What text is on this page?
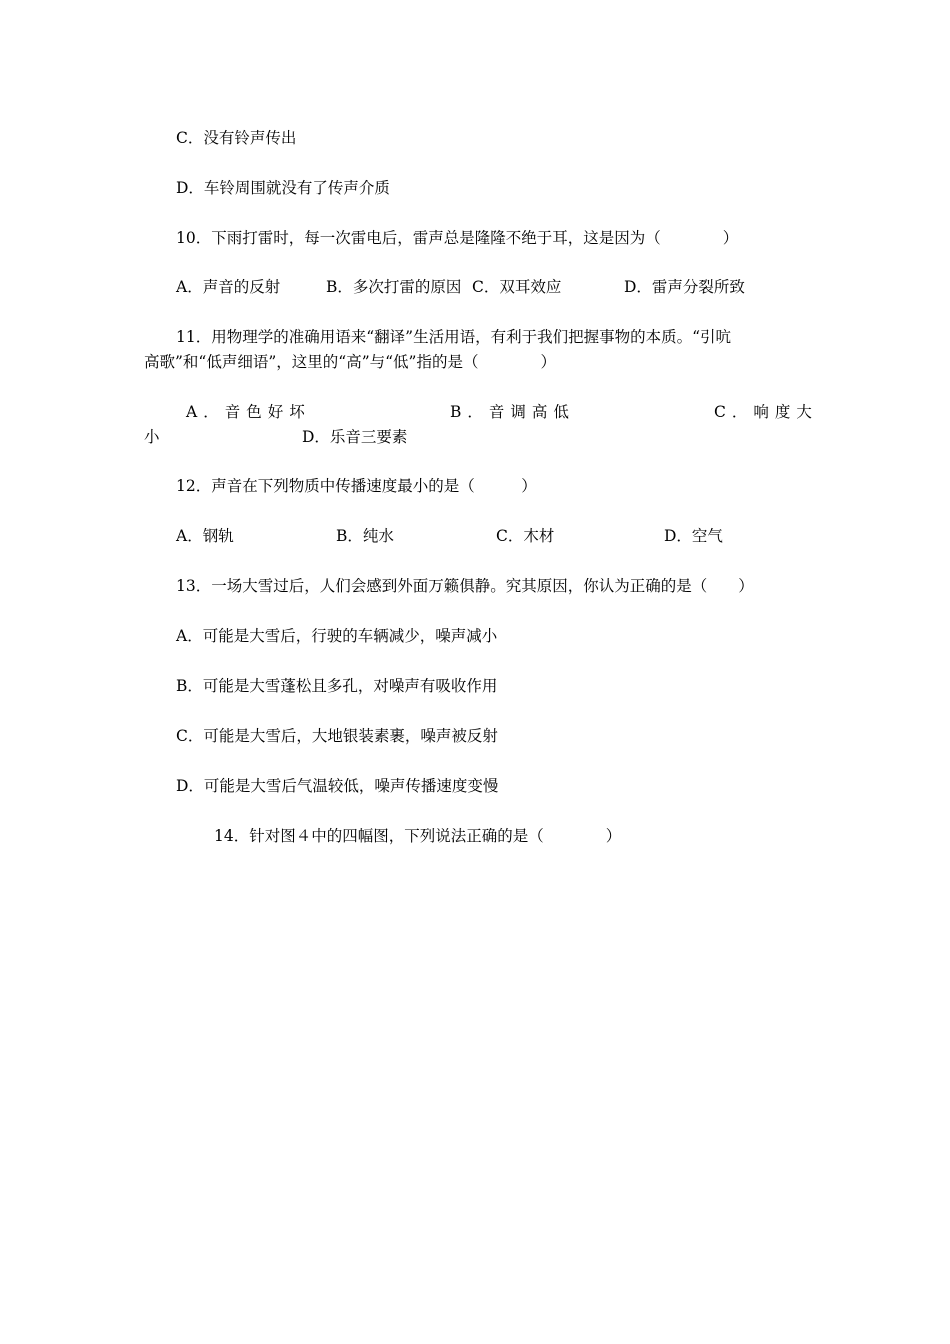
C．没有铃声传出
D．车铃周围就没有了传声介质
10．下雨打雷时，每一次雷电后，雷声总是隆隆不绝于耳，这是因为（　　　　）
A．声音的反射	B．多次打雷的原因 C．双耳效应	D．雷声分裂所致
11．用物理学的准确用语来“翻译”生活用语，有利于我们把握事物的本质。“引吭
高歌”和“低声细语”，这里的“高”与“低”指的是（　　　　）
A．音色好坏	B．音调高低	C．响度大
小	D．乐音三要素
12．声音在下列物质中传播速度最小的是（　　　）
A．钢轨	B．纯水	C．木材	D．空气
13．一场大雪过后，人们会感到外面万籁俱静。究其原因，你认为正确的是（　　）
A．可能是大雪后，行驶的车辆减少，噪声减小
B．可能是大雪蓬松且多孔，对噪声有吸收作用
C．可能是大雪后，大地银装素裹，噪声被反射
D．可能是大雪后气温较低，噪声传播速度变慢
14．针对图４中的四幅图，下列说法正确的是（　　　　）
